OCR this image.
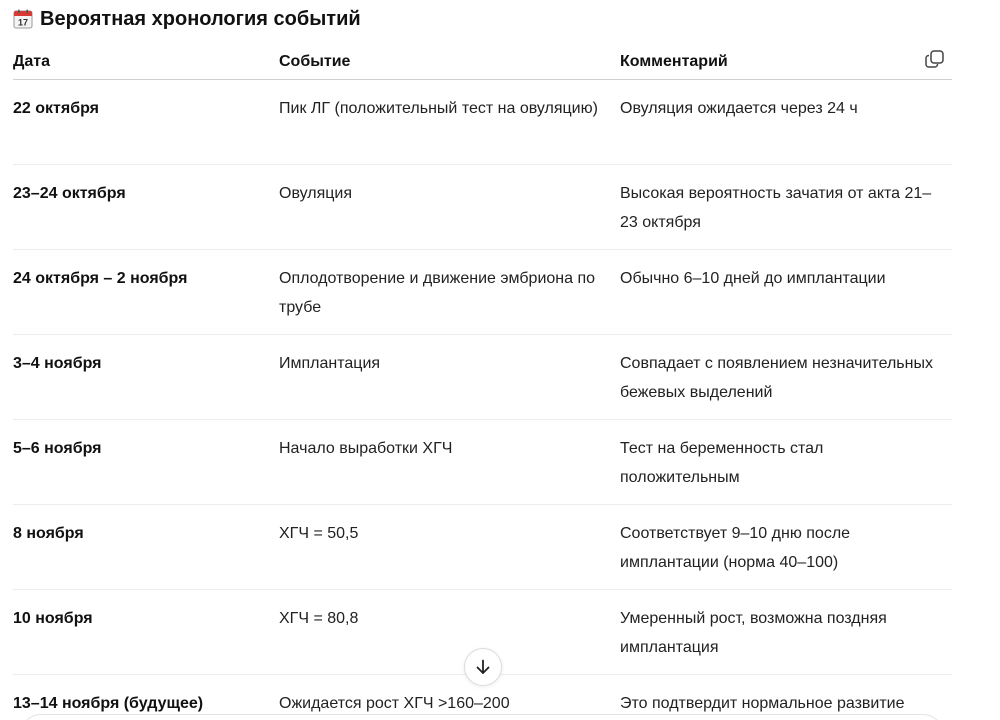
17 Вероятная хронология событий
Дата	Событие	Комментарий
22 октября	Пик ЛГ (положительный тест на овуляцию)	Овуляция ожидается через 24 ч
23–24 октября	Овуляция	Высокая вероятность зачатия от акта 21–23 октября
24 октября – 2 ноября	Оплодотворение и движение эмбриона по трубе	Обычно 6–10 дней до имплантации
3–4 ноября	Имплантация	Совпадает с появлением незначительных бежевых выделений
5–6 ноября	Начало выработки ХГЧ	Тест на беременность стал положительным
8 ноября	ХГЧ = 50,5	Соответствует 9–10 дню после имплантации (норма 40–100)
10 ноября	ХГЧ = 80,8	Умеренный рост, возможна поздняя имплантация
13–14 ноября (будущее)	Ожидается рост ХГЧ >160–200	Это подтвердит нормальное развитие
